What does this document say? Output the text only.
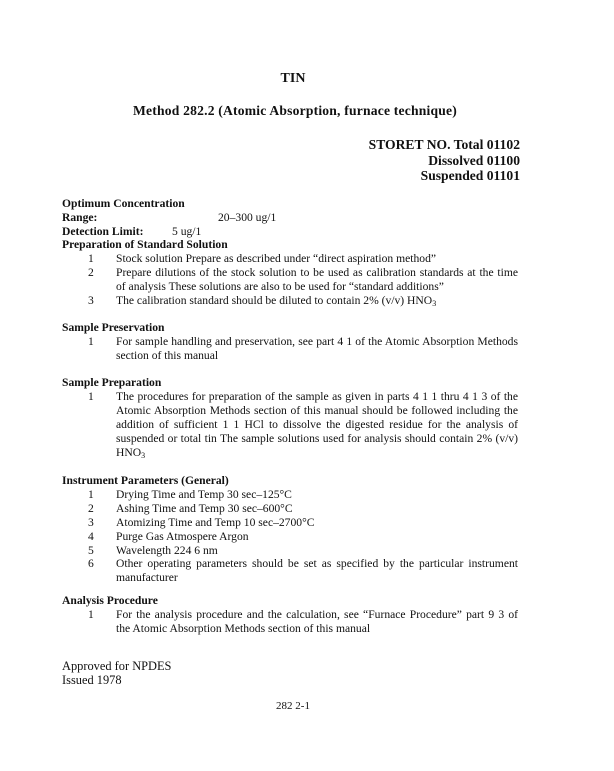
TIN
Method 282.2 (Atomic Absorption, furnace technique)
STORET NO. Total 01102
Dissolved 01100
Suspended 01101
Optimum Concentration Range:	20–300 ug/1
Detection Limit: 5 ug/1
Preparation of Standard Solution
1 Stock solution Prepare as described under “direct aspiration method”
2 Prepare dilutions of the stock solution to be used as calibration standards at the time of analysis These solutions are also to be used for “standard additions”
3 The calibration standard should be diluted to contain 2% (v/v) $HNO_3$
Sample Preservation
1 For sample handling and preservation, see part 4 1 of the Atomic Absorption Methods section of this manual
Sample Preparation
1 The procedures for preparation of the sample as given in parts 4 1 1 thru 4 1 3 of the Atomic Absorption Methods section of this manual should be followed including the addition of sufficient 1 1 HCl to dissolve the digested residue for the analysis of suspended or total tin The sample solutions used for analysis should contain 2% (v/v) $HNO_3$
Instrument Parameters (General)
1 Drying Time and Temp 30 sec–125°C
2 Ashing Time and Temp 30 sec–600°C
3 Atomizing Time and Temp 10 sec–2700°C
4 Purge Gas Atmospere Argon
5 Wavelength 224 6 nm
6 Other operating parameters should be set as specified by the particular instrument manufacturer
Analysis Procedure
1 For the analysis procedure and the calculation, see “Furnace Procedure” part 9 3 of the Atomic Absorption Methods section of this manual
Approved for NPDES
Issued 1978
282 2-1
